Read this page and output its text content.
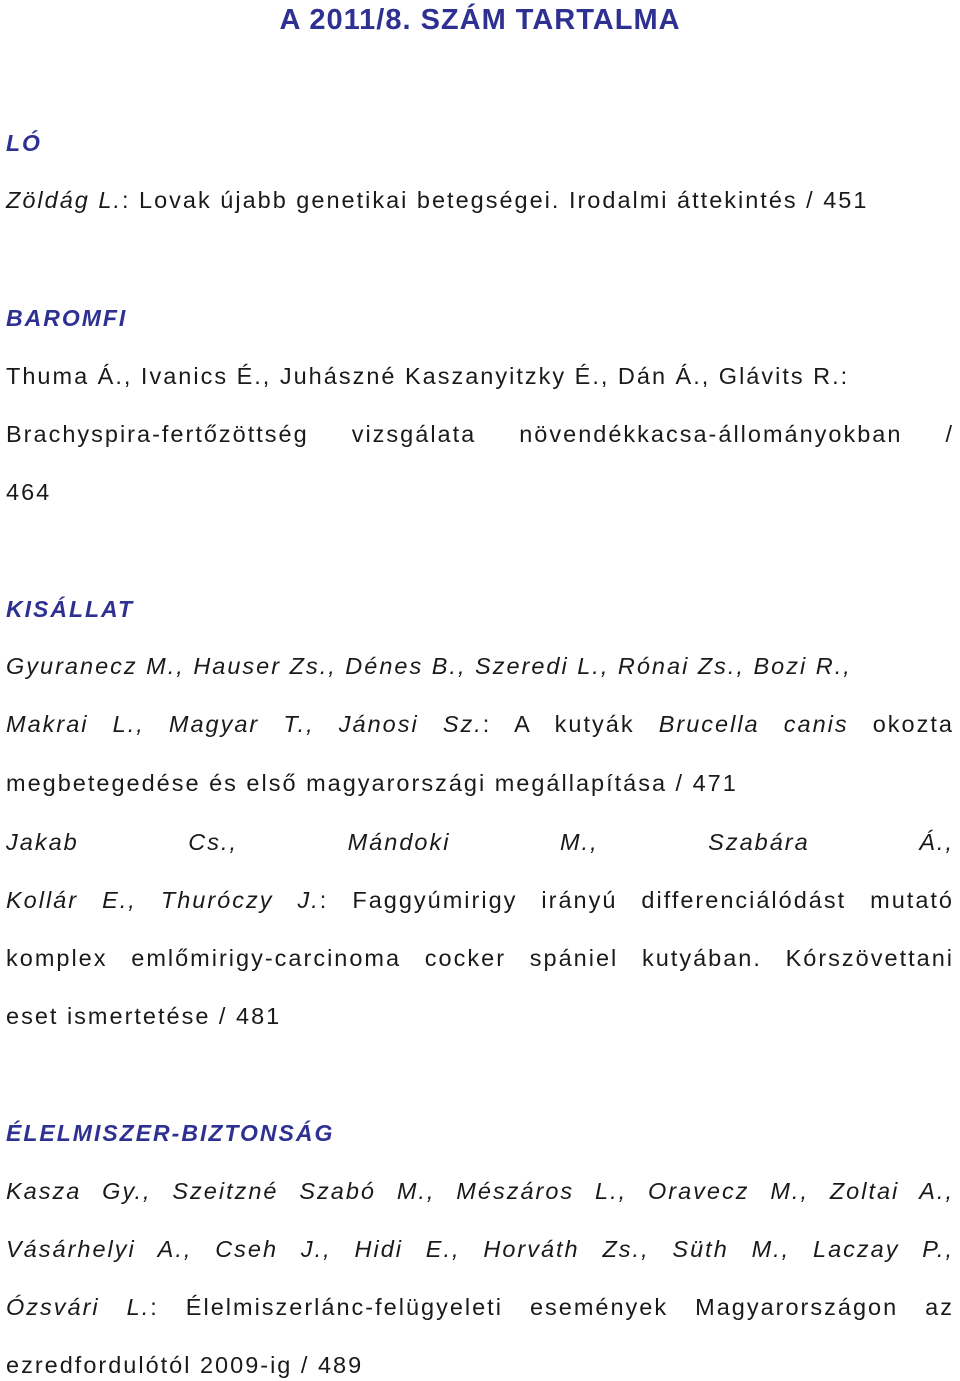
A 2011/8. SZÁM TARTALMA
LÓ
Zöldág L.: Lovak újabb genetikai betegségei. Irodalmi áttekintés / 451
BAROMFI
Thuma Á., Ivanics É., Juhászné Kaszanyitzky É., Dán Á., Glávits R.:
Brachyspira-fertőzöttség vizsgálata növendékkacsa-állományokban /
464
KISÁLLAT
Gyuranecz M., Hauser Zs., Dénes B., Szeredi L., Rónai Zs., Bozi R.,
Makrai L., Magyar T., Jánosi Sz.: A kutyák Brucella canis okozta
megbetegedése és első magyarországi megállapítása / 471
Jakab Cs., Mándoki M., Szabára Á.,
Kollár E., Thuróczy J.: Faggyúmirigy irányú differenciálódást mutató
komplex emlőmirigy-carcinoma cocker spániel kutyában. Kórszövettani
eset ismertetése / 481
ÉLELMISZER-BIZTONSÁG
Kasza Gy., Szeitzné Szabó M., Mészáros L., Oravecz M., Zoltai A.,
Vásárhelyi A., Cseh J., Hidi E., Horváth Zs., Süth M., Laczay P.,
Ózsvári L.: Élelmiszerlánc-felügyeleti események Magyarországon az
ezredfordulótól 2009-ig / 489
